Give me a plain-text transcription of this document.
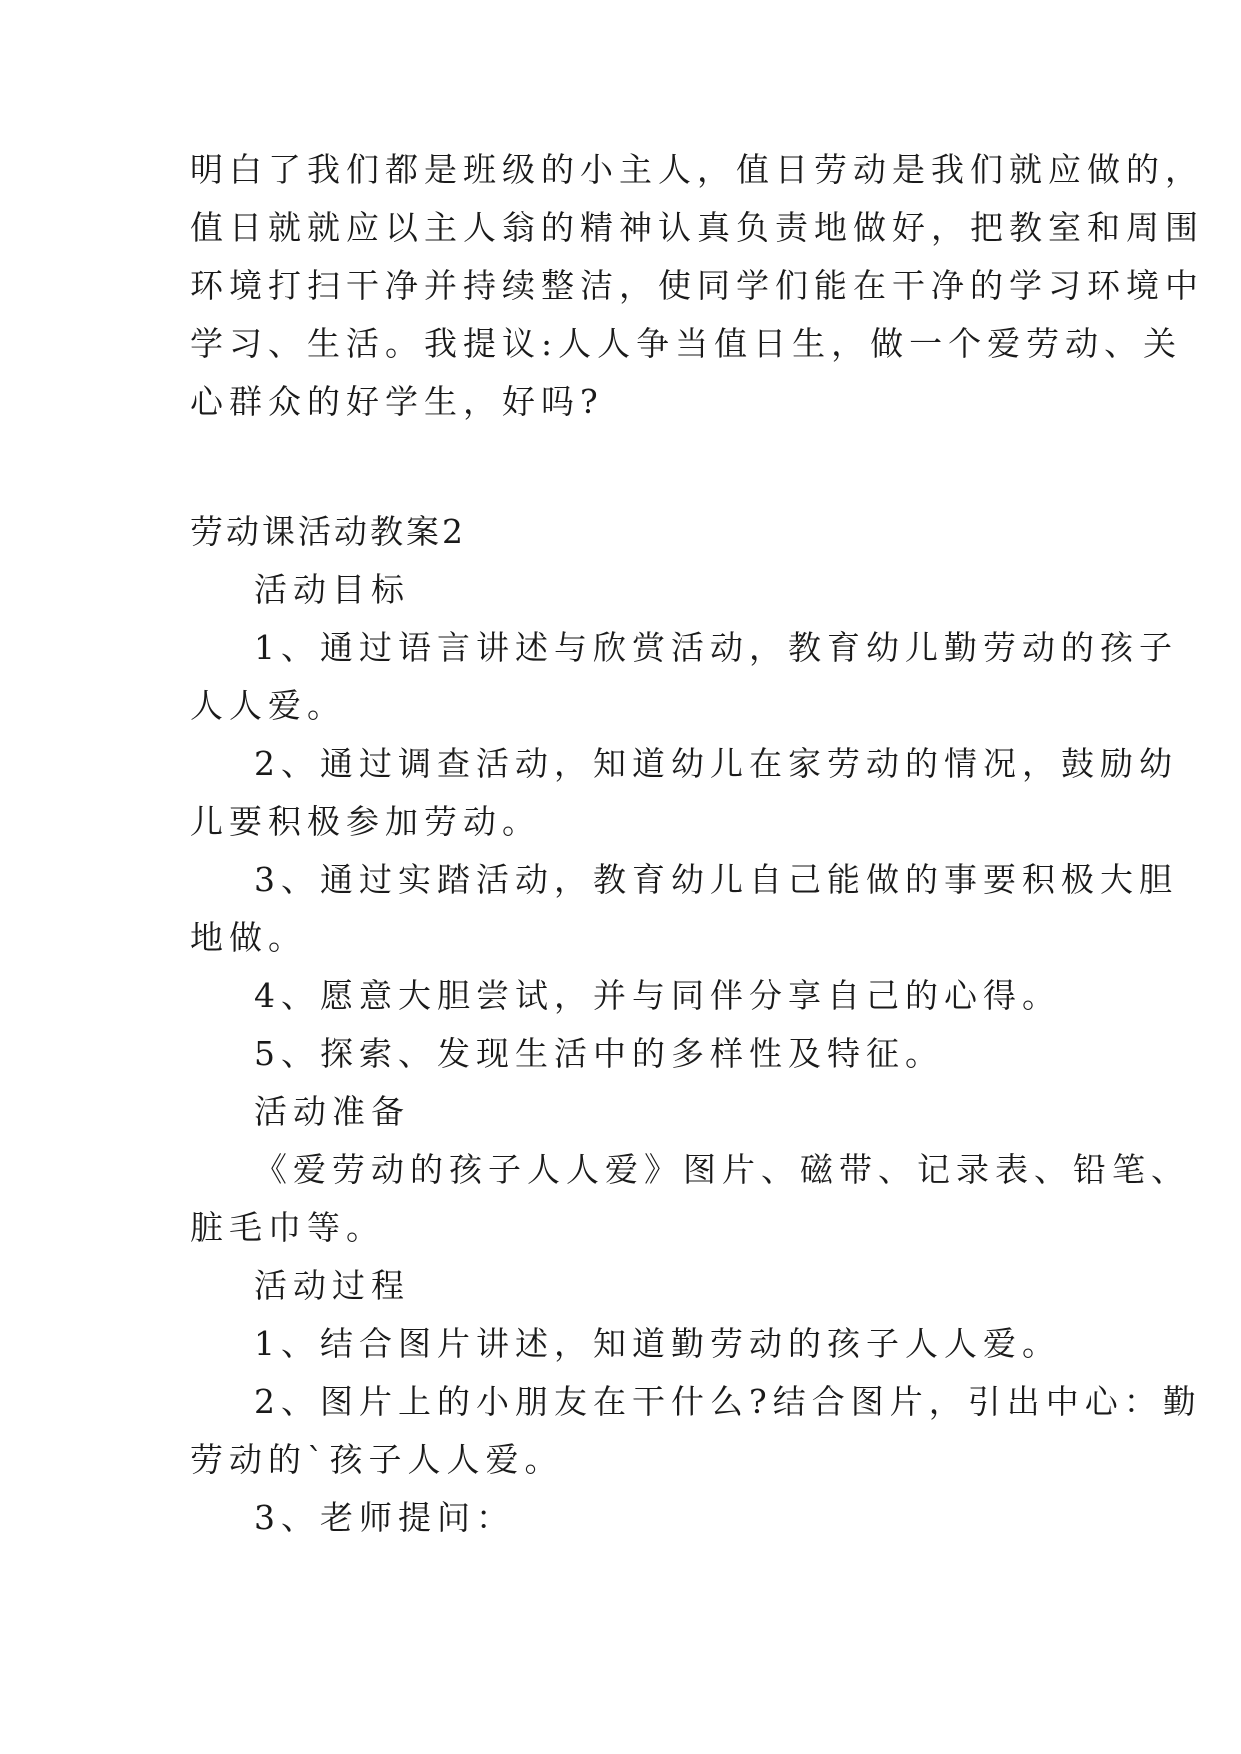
明白了我们都是班级的小主人，值日劳动是我们就应做的，
值日就就应以主人翁的精神认真负责地做好，把教室和周围
环境打扫干净并持续整洁，使同学们能在干净的学习环境中
学习、生活。我提议:人人争当值日生，做一个爱劳动、关
心群众的好学生，好吗?
劳动课活动教案2
活动目标
1、通过语言讲述与欣赏活动，教育幼儿勤劳动的孩子
人人爱。
2、通过调查活动，知道幼儿在家劳动的情况，鼓励幼
儿要积极参加劳动。
3、通过实踏活动，教育幼儿自己能做的事要积极大胆
地做。
4、愿意大胆尝试，并与同伴分享自己的心得。
5、探索、发现生活中的多样性及特征。
活动准备
《爱劳动的孩子人人爱》图片、磁带、记录表、铅笔、
脏毛巾等。
活动过程
1、结合图片讲述，知道勤劳动的孩子人人爱。
2、图片上的小朋友在干什么?结合图片，引出中心：勤
劳动的`孩子人人爱。
3、老师提问：
